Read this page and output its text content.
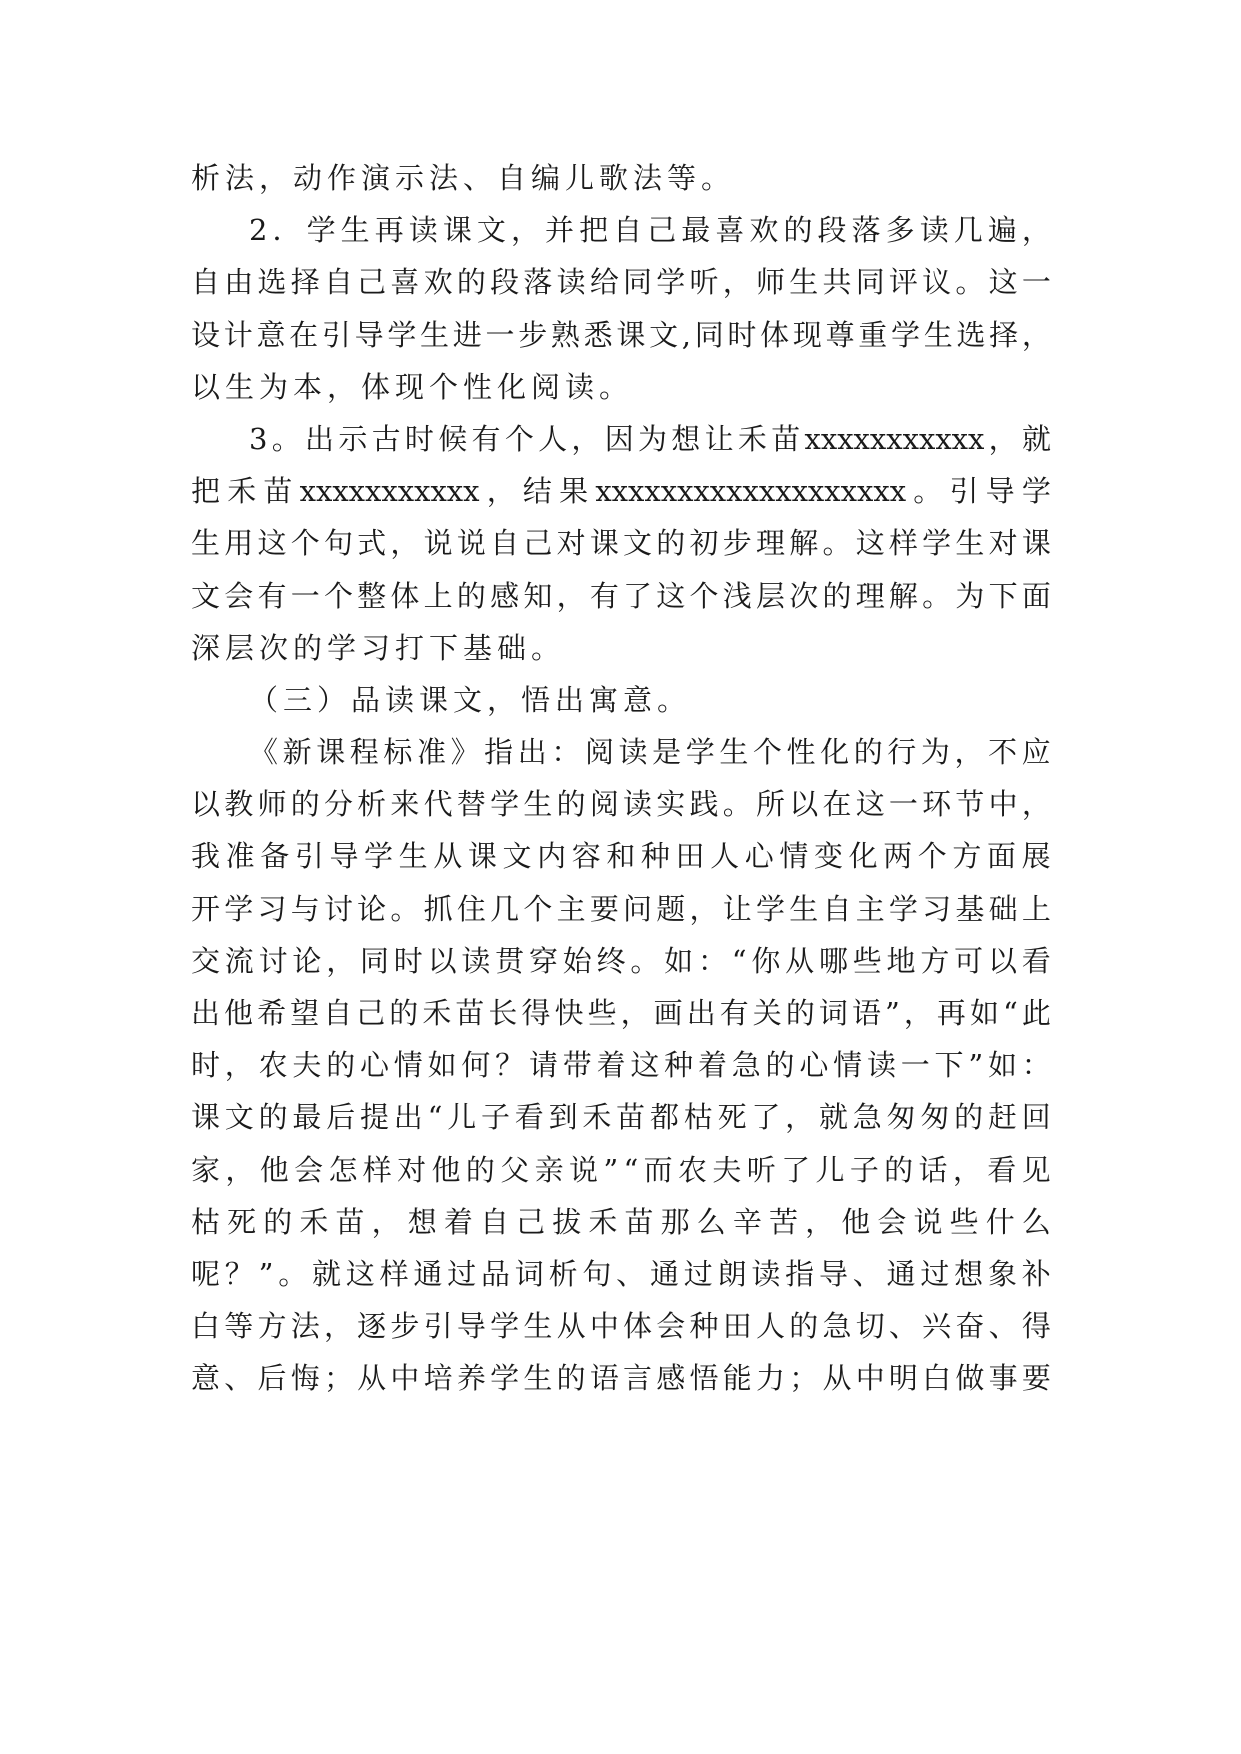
析法，动作演示法、自编儿歌法等。
2 ． 学 生 再 读 课 文 ， 并 把 自 己 最 喜 欢 的 段 落 多 读 几 遍 ，
自 由 选 择 自 己 喜 欢 的 段 落 读 给 同 学 听 ， 师 生 共 同 评 议 。 这 一
设 计 意 在 引 导 学 生 进 一 步 熟 悉 课 文 , 同 时 体 现 尊 重 学 生 选 择 ，
以生为本，体现个性化阅读。
3 。 出 示 古 时 候 有 个 人 ， 因 为 想 让 禾 苗 xxxxxxxxxxx ， 就
把 禾 苗 xxxxxxxxxxx ， 结 果 xxxxxxxxxxxxxxxxxxx 。 引 导 学
生 用 这 个 句 式 ， 说 说 自 己 对 课 文 的 初 步 理 解 。 这 样 学 生 对 课
文 会 有 一 个 整 体 上 的 感 知 ， 有 了 这 个 浅 层 次 的 理 解 。 为 下 面
深层次的学习打下基础。
（三）品读课文，悟出寓意。
《 新 课 程 标 准 》 指 出 ： 阅 读 是 学 生 个 性 化 的 行 为 ， 不 应
以 教 师 的 分 析 来 代 替 学 生 的 阅 读 实 践 。 所 以 在 这 一 环 节 中 ，
我 准 备 引 导 学 生 从 课 文 内 容 和 种 田 人 心 情 变 化 两 个 方 面 展
开 学 习 与 讨 论 。 抓 住 几 个 主 要 问 题 ， 让 学 生 自 主 学 习 基 础 上
交 流 讨 论 ， 同 时 以 读 贯 穿 始 终 。 如 ： “ 你 从 哪 些 地 方 可 以 看
出 他 希 望 自 己 的 禾 苗 长 得 快 些 ， 画 出 有 关 的 词 语 ” ， 再 如 “ 此
时 ， 农 夫 的 心 情 如 何 ？ 请 带 着 这 种 着 急 的 心 情 读 一 下 ” 如 ：
课 文 的 最 后 提 出 “ 儿 子 看 到 禾 苗 都 枯 死 了 ， 就 急 匆 匆 的 赶 回
家 ， 他 会 怎 样 对 他 的 父 亲 说 ” “ 而 农 夫 听 了 儿 子 的 话 ， 看 见
枯 死 的 禾 苗 ， 想 着 自 己 拔 禾 苗 那 么 辛 苦 ， 他 会 说 些 什 么
呢 ？ ” 。 就 这 样 通 过 品 词 析 句 、 通 过 朗 读 指 导 、 通 过 想 象 补
白 等 方 法 ， 逐 步 引 导 学 生 从 中 体 会 种 田 人 的 急 切 、 兴 奋 、 得
意 、 后 悔 ； 从 中 培 养 学 生 的 语 言 感 悟 能 力 ； 从 中 明 白 做 事 要
